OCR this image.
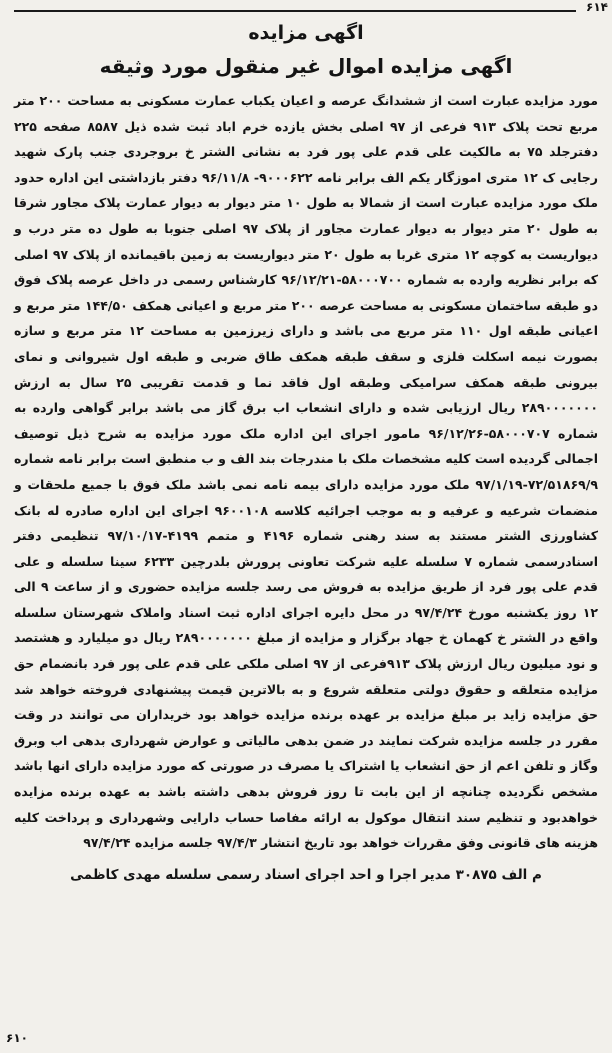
۶۱۴
اگهی مزایده
اگهی مزایده اموال غیر منقول مورد وثیقه
مورد مزایده عبارت است از ششدانگ عرصه و اعیان یکباب عمارت مسکونی به مساحت ۲۰۰ متر مربع تحت پلاک ۹۱۳ فرعی از ۹۷ اصلی بخش یازده خرم اباد ثبت شده ذیل ۸۵۸۷ صفحه ۲۲۵ دفترجلد ۷۵ به مالکیت علی قدم علی پور فرد به نشانی الشتر خ بروجردی جنب پارک شهید رجایی ک ۱۲ متری اموزگار یکم الف برابر نامه ۹۰۰۰۶۲۲- ۹۶/۱۱/۸ دفتر بازداشتی این اداره حدود ملک مورد مزایده عبارت است از شمالا به طول ۱۰ متر دیوار به دیوار عمارت پلاک مجاور شرقا به طول ۲۰ متر دیوار به دیوار عمارت مجاور از پلاک ۹۷ اصلی جنوبا به طول ده متر درب و دیواریست به کوچه ۱۲ متری غربا به طول ۲۰ متر دیواریست به زمین باقیمانده از پلاک ۹۷ اصلی که برابر نظریه وارده به شماره ۵۸۰۰۰۷۰۰-۹۶/۱۲/۲۱ کارشناس رسمی در داخل عرصه پلاک فوق دو طبقه ساختمان مسکونی به مساحت عرصه ۲۰۰ متر مربع و اعیانی همکف ۱۴۴/۵۰ متر مربع و اعیانی طبقه اول ۱۱۰ متر مربع می باشد و دارای زیرزمین به مساحت ۱۲ متر مربع و سازه بصورت نیمه اسکلت فلزی و سقف طبقه همکف طاق ضربی و طبقه اول شیروانی و نمای بیرونی طبقه همکف سرامیکی وطبقه اول فاقد نما و قدمت تقریبی ۲۵ سال به ارزش ۲۸۹۰۰۰۰۰۰۰ ریال ارزیابی شده و دارای انشعاب اب برق گاز می باشد برابر گواهی وارده به شماره ۵۸۰۰۰۷۰۷-۹۶/۱۲/۲۶ مامور اجرای این اداره ملک مورد مزایده به شرح ذیل توصیف اجمالی گردیده است کلیه مشخصات ملک با مندرجات بند الف و ب منطبق است برابر نامه شماره ۷۲/۵۱۸۶۹/۹-۹۷/۱/۱۹ ملک مورد مزایده دارای بیمه نامه نمی باشد ملک فوق با جمیع ملحقات و منضمات شرعیه و عرفیه و به موجب اجرائیه کلاسه ۹۶۰۰۱۰۸ اجرای این اداره صادره له بانک کشاورزی الشتر مستند به سند رهنی شماره ۴۱۹۶ و متمم ۴۱۹۹-۹۷/۱۰/۱۷ تنظیمی دفتر اسنادرسمی شماره ۷ سلسله علیه شرکت تعاونی پرورش بلدرچین ۶۲۳۳ سینا سلسله و علی قدم علی پور فرد از طریق مزایده به فروش می رسد جلسه مزایده حضوری و از ساعت ۹ الی ۱۲ روز یکشنبه مورخ ۹۷/۴/۲۴ در محل دایره اجرای اداره ثبت اسناد واملاک شهرستان سلسله واقع در الشتر خ کهمان خ جهاد برگزار و مزایده از مبلغ ۲۸۹۰۰۰۰۰۰۰ ریال دو میلیارد و هشتصد و نود میلیون ریال ارزش پلاک ۹۱۳فرعی از ۹۷ اصلی ملکی علی قدم علی پور فرد بانضمام حق مزایده متعلقه و حقوق دولتی متعلقه شروع و به بالاترین قیمت پیشنهادی فروخته خواهد شد حق مزایده زاید بر مبلغ مزایده بر عهده برنده مزایده خواهد بود خریداران می توانند در وقت مقرر در جلسه مزایده شرکت نمایند در ضمن بدهی مالیاتی و عوارض شهرداری بدهی اب وبرق وگاز و تلفن اعم از حق انشعاب یا اشتراک یا مصرف در صورتی که مورد مزایده دارای انها باشد مشخص نگردیده چنانچه از این بابت تا روز فروش بدهی داشته باشد به عهده برنده مزایده خواهدبود و تنظیم سند انتقال موکول به ارائه مفاصا حساب دارایی وشهرداری و پرداخت کلیه هزینه های قانونی وفق مقررات خواهد بود تاریخ انتشار ۹۷/۴/۳ جلسه مزایده ۹۷/۴/۲۴
م الف ۳۰۸۷۵ مدیر اجرا و احد اجرای اسناد رسمی سلسله مهدی کاظمی
۶۱۰
